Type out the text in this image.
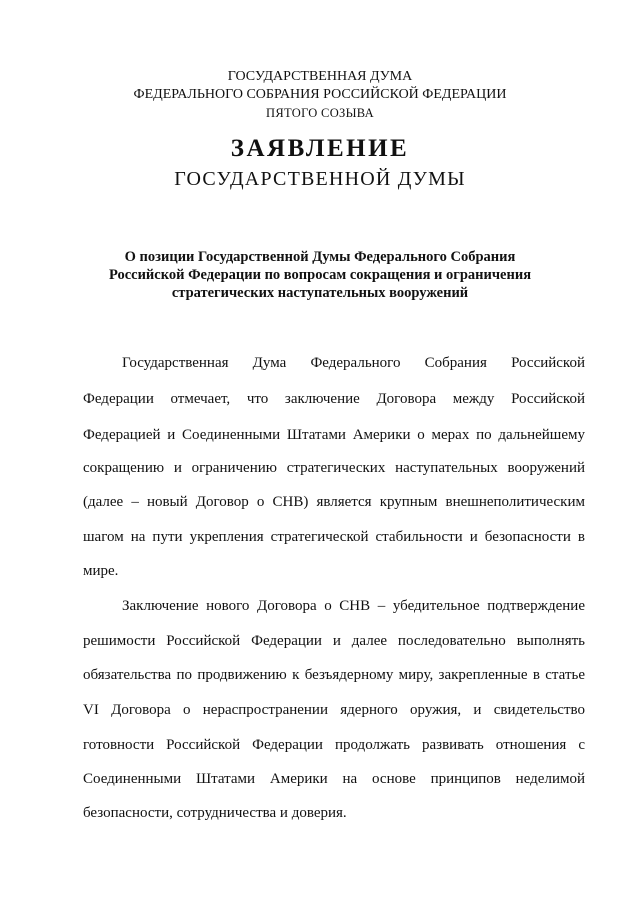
ГОСУДАРСТВЕННАЯ ДУМА
ФЕДЕРАЛЬНОГО СОБРАНИЯ РОССИЙСКОЙ ФЕДЕРАЦИИ
ПЯТОГО СОЗЫВА
ЗАЯВЛЕНИЕ
ГОСУДАРСТВЕННОЙ ДУМЫ
О позиции Государственной Думы Федерального Собрания
Российской Федерации по вопросам сокращения и ограничения
стратегических наступательных вооружений
Государственная Дума Федерального Собрания Российской
Федерации отмечает, что заключение Договора между Российской
Федерацией и Соединенными Штатами Америки о мерах по дальнейшему
сокращению и ограничению стратегических наступательных вооружений
(далее – новый Договор о СНВ) является крупным внешнеполитическим
шагом на пути укрепления стратегической стабильности и безопасности в
мире.
Заключение нового Договора о СНВ – убедительное подтверждение
решимости Российской Федерации и далее последовательно выполнять
обязательства по продвижению к безъядерному миру, закрепленные в статье
VI Договора о нераспространении ядерного оружия, и свидетельство
готовности Российской Федерации продолжать развивать отношения с
Соединенными Штатами Америки на основе принципов неделимой
безопасности, сотрудничества и доверия.
